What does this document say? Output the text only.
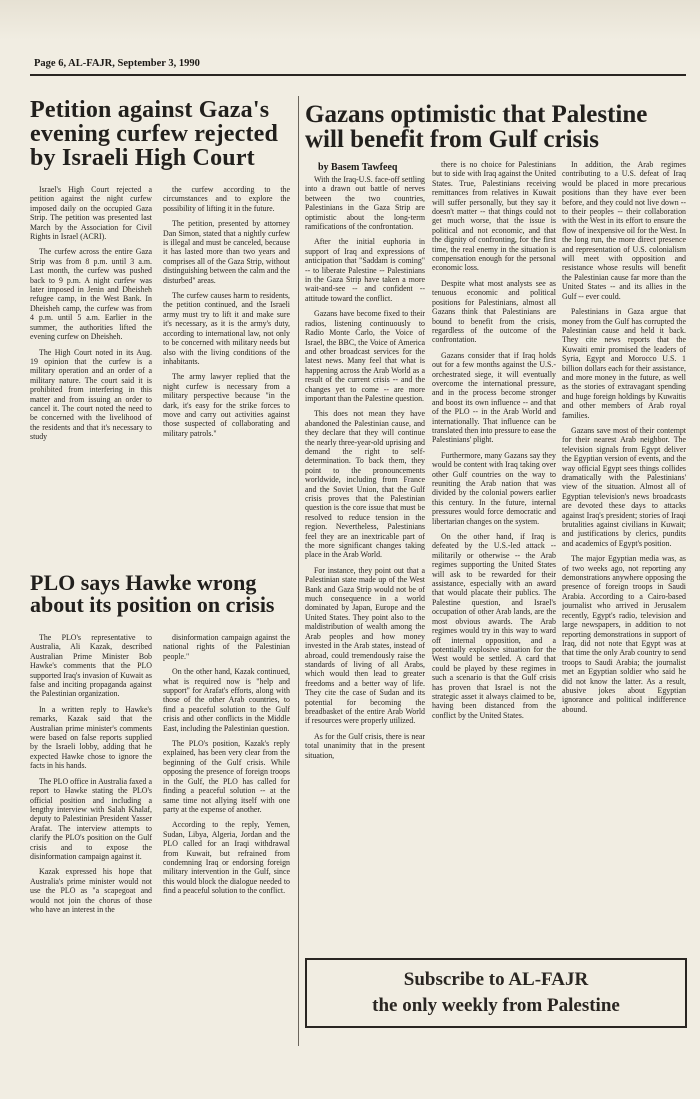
Page 6, AL-FAJR, September 3, 1990
Petition against Gaza's evening curfew rejected by Israeli High Court

Israel's High Court rejected a petition against the night curfew imposed daily on the occupied Gaza Strip. The petition was presented last March by the Association for Civil Rights in Israel (ACRI).

The curfew across the entire Gaza Strip was from 8 p.m. until 3 a.m. Last month, the curfew was pushed back to 9 p.m. A night curfew was later imposed in Jenin and Dheisheh refugee camp, in the West Bank. In Dheisheh camp, the curfew was from 4 p.m. until 5 a.m. Earlier in the summer, the authorities lifted the evening curfew on Dheisheh.

The High Court noted in its Aug. 19 opinion that the curfew is a military operation and an order of a military nature. The court said it is prohibited from interfering in this matter and from issuing an order to cancel it. The court noted the need to be concerned with the livelihood of the residents and that it's necessary to study

the curfew according to the circumstances and to explore the possibility of lifting it in the future.

The petition, presented by attorney Dan Simon, stated that a nightly curfew is illegal and must be canceled, because it has lasted more than two years and comprises all of the Gaza Strip, without distinguishing between the calm and the disturbed" areas.

The curfew causes harm to residents, the petition continued, and the Israeli army must try to lift it and make sure it's necessary, as it is the army's duty, according to international law, not only to be concerned with military needs but also with the living conditions of the inhabitants.

The army lawyer replied that the night curfew is necessary from a military perspective because "in the dark, it's easy for the strike forces to move and carry out activities against those suspected of collaborating and military patrols."

PLO says Hawke wrong about its position on crisis

The PLO's representative to Australia, Ali Kazak, described Australian Prime Minister Bob Hawke's comments that the PLO supported Iraq's invasion of Kuwait as false and inciting propaganda against the Palestinian organization.

In a written reply to Hawke's remarks, Kazak said that the Australian prime minister's comments were based on false reports supplied by the Israeli lobby, adding that he expected Hawke chose to ignore the facts in his hands.

The PLO office in Australia faxed a report to Hawke stating the PLO's official position and including a lengthy interview with Salah Khalaf, deputy to Palestinian President Yasser Arafat. The interview attempts to clarify the PLO's position on the Gulf crisis and to expose the disinformation campaign against it.

Kazak expressed his hope that Australia's prime minister would not use the PLO as "a scapegoat and would not join the chorus of those who have an interest in the

disinformation campaign against the national rights of the Palestinian people."

On the other hand, Kazak continued, what is required now is "help and support" for Arafat's efforts, along with those of the other Arab countries, to find a peaceful solution to the Gulf crisis and other conflicts in the Middle East, including the Palestinian question.

The PLO's position, Kazak's reply explained, has been very clear from the beginning of the Gulf crisis. While opposing the presence of foreign troops in the Gulf, the PLO has called for finding a peaceful solution -- at the same time not allying itself with one party at the expense of another.

According to the reply, Yemen, Sudan, Libya, Algeria, Jordan and the PLO called for an Iraqi withdrawal from Kuwait, but refrained from condemning Iraq or endorsing foreign military intervention in the Gulf, since this would block the dialogue needed to find a peaceful solution to the conflict.

Gazans optimistic that Palestine will benefit from Gulf crisis
by Basem Tawfeeq

With the Iraq-U.S. face-off settling into a drawn out battle of nerves between the two countries, Palestinians in the Gaza Strip are optimistic about the long-term ramifications of the confrontation.

After the initial euphoria in support of Iraq and expressions of anticipation that "Saddam is coming" -- to liberate Palestine -- Palestinians in the Gaza Strip have taken a more wait-and-see -- and confident -- attitude toward the conflict.

Gazans have become fixed to their radios, listening continuously to Radio Monte Carlo, the Voice of Israel, the BBC, the Voice of America and other broadcast services for the latest news. Many feel that what is happening across the Arab World as a result of the current crisis -- and the changes yet to come -- are more important than the Palestine question.

This does not mean they have abandoned the Palestinian cause, and they declare that they will continue the nearly three-year-old uprising and demand the right to self-determination. To back them, they point to the pronouncements worldwide, including from France and the Soviet Union, that the Gulf crisis proves that the Palestinian question is the core issue that must be resolved to reduce tension in the region. Nevertheless, Palestinians feel they are an inextricable part of the more significant changes taking place in the Arab World.

For instance, they point out that a Palestinian state made up of the West Bank and Gaza Strip would not be of much consequence in a world dominated by Japan, Europe and the United States. They point also to the maldistribution of wealth among the Arab peoples and how money invested in the Arab states, instead of abroad, could tremendously raise the standards of living of all Arabs, which would then lead to greater freedoms and a better way of life. They cite the case of Sudan and its potential for becoming the breadbasket of the entire Arab World if resources were properly utilized.

As for the Gulf crisis, there is near total unanimity that in the present situation,

there is no choice for Palestinians but to side with Iraq against the United States. True, Palestinians receiving remittances from relatives in Kuwait will suffer personally, but they say it doesn't matter -- that things could not get much worse, that the issue is political and not economic, and that the dignity of confronting, for the first time, the real enemy in the situation is compensation enough for the personal economic loss.

Despite what most analysts see as tenuous economic and political positions for Palestinians, almost all Gazans think that Palestinians are bound to benefit from the crisis, regardless of the outcome of the confrontation.

Gazans consider that if Iraq holds out for a few months against the U.S.-orchestrated siege, it will eventually overcome the international pressure, and in the process become stronger and boost its own influence -- and that of the PLO -- in the Arab World and internationally. That influence can be translated then into pressure to ease the Palestinians' plight.

Furthermore, many Gazans say they would be content with Iraq taking over other Gulf countries on the way to reuniting the Arab nation that was divided by the colonial powers earlier this century. In the future, internal pressures would force democratic and libertarian changes on the system.

On the other hand, if Iraq is defeated by the U.S.-led attack -- militarily or otherwise -- the Arab regimes supporting the United States will ask to be rewarded for their assistance, especially with an award that would placate their publics. The Palestine question, and Israel's occupation of other Arab lands, are the most obvious awards. The Arab regimes would try in this way to ward off internal opposition, and a potentially explosive situation for the West would be settled. A card that could be played by these regimes in such a scenario is that the Gulf crisis has proven that Israel is not the strategic asset it always claimed to be, having been distanced from the conflict by the United States.

In addition, the Arab regimes contributing to a U.S. defeat of Iraq would be placed in more precarious positions than they have ever been before, and they could not live down -- to their peoples -- their collaboration with the West in its effort to ensure the flow of inexpensive oil for the West. In the long run, the more direct presence and representation of U.S. colonialism will meet with opposition and resistance whose results will benefit the Palestinian cause far more than the United States -- and its allies in the Gulf -- ever could.

Palestinians in Gaza argue that money from the Gulf has corrupted the Palestinian cause and held it back. They cite news reports that the Kuwaiti emir promised the leaders of Syria, Egypt and Morocco U.S. 1 billion dollars each for their assistance, and more money in the future, as well as the stories of extravagant spending and huge foreign holdings by Kuwaitis and other members of Arab royal families.

Gazans save most of their contempt for their nearest Arab neighbor. The television signals from Egypt deliver the Egyptian version of events, and the way official Egypt sees things collides dramatically with the Palestinians' view of the situation. Almost all of Egyptian television's news broadcasts are devoted these days to attacks against Iraq's president; stories of Iraqi brutalities against civilians in Kuwait; and justifications by clerics, pundits and academics of Egypt's position.

The major Egyptian media was, as of two weeks ago, not reporting any demonstrations anywhere opposing the presence of foreign troops in Saudi Arabia. According to a Cairo-based journalist who arrived in Jerusalem recently, Egypt's radio, television and large newspapers, in addition to not reporting demonstrations in support of Iraq, did not note that Egypt was at that time the only Arab country to send troops to Saudi Arabia; the journalist met an Egyptian soldier who said he did not know the latter. As a result, abusive jokes about Egyptian ignorance and political indifference abound.

Subscribe to AL-FAJR
the only weekly from Palestine
